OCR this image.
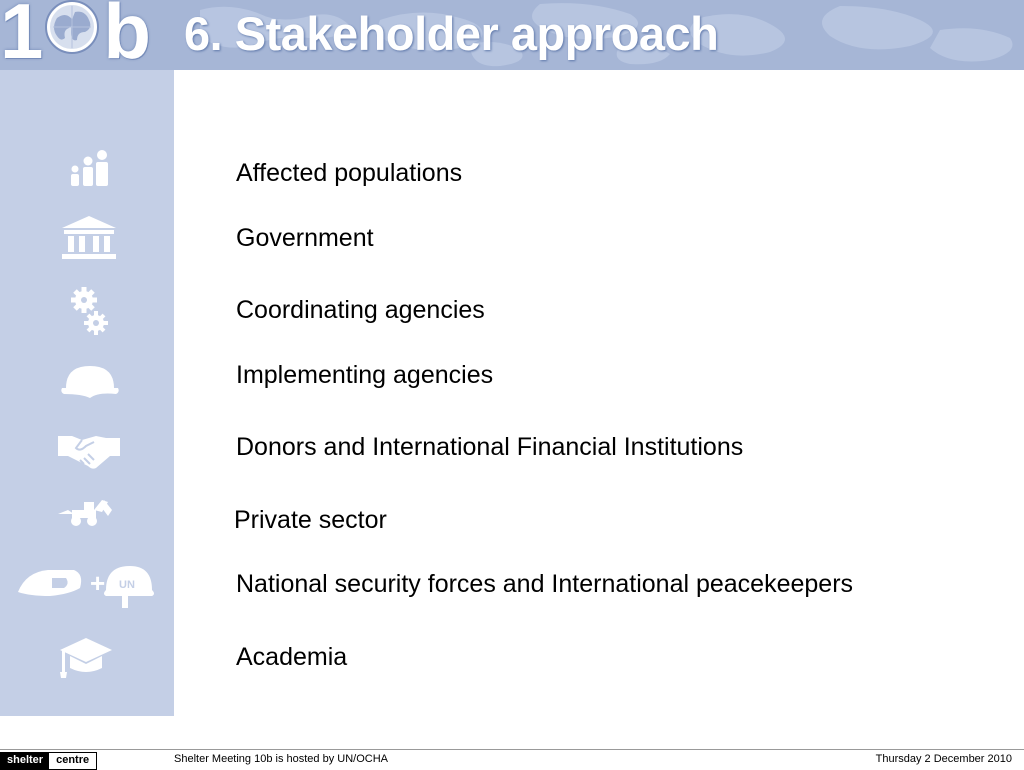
1 b 6. Stakeholder approach
+ UN
Affected populations
Government
Coordinating agencies
Implementing agencies
Donors and International Financial Institutions
Private sector
National security forces and International peacekeepers
Academia
shelter	centre	Shelter Meeting 10b is hosted by UN/OCHA	Thursday 2 December 2010
